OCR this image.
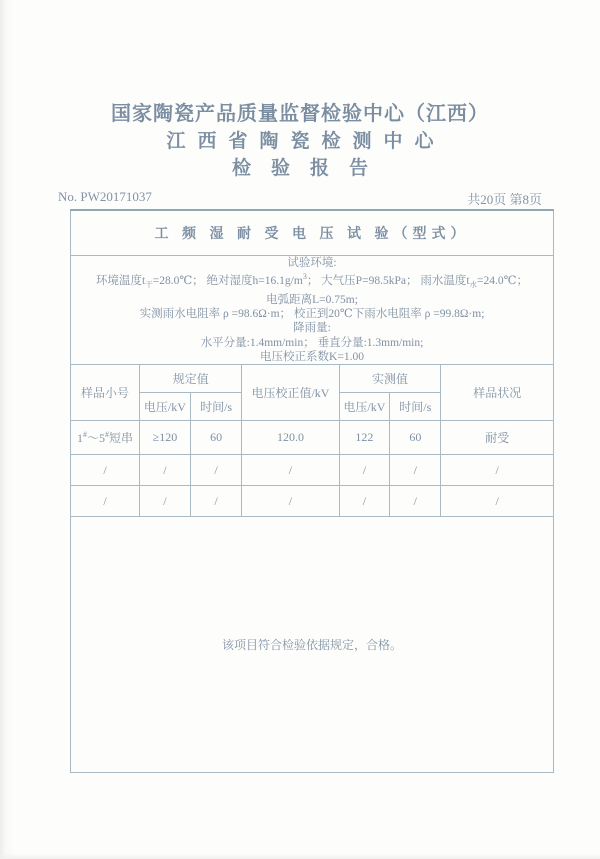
国家陶瓷产品质量监督检验中心（江西）
江西省陶瓷检测中心
检验报告
No. PW20171037	共20页 第8页
工 频 湿 耐 受 电 压 试 验（型式）						

试验环境:
环境温度$t_干=28.0℃$； 绝对湿度$h=16.1g/m^3$； 大气压P=98.5kPa； 雨水温度$t_水=24.0℃$；
电弧距离L=0.75m;
实测雨水电阻率 ρ =98.6Ω·m； 校正到20℃下雨水电阻率 ρ =99.8Ω·m;
降雨量:
水平分量:1.4mm/min； 垂直分量:1.3mm/min;
电压校正系数K=1.00

样品小号	规定值		电压校正值/kV	实测值		样品状况
	电压/kV	时间/s		电压/kV	时间/s	
1#～5#短串	≥120	60	120.0	122	60	耐受
/	/	/	/	/	/	/
/	/	/	/	/	/	/
该项目符合检验依据规定，合格。						
